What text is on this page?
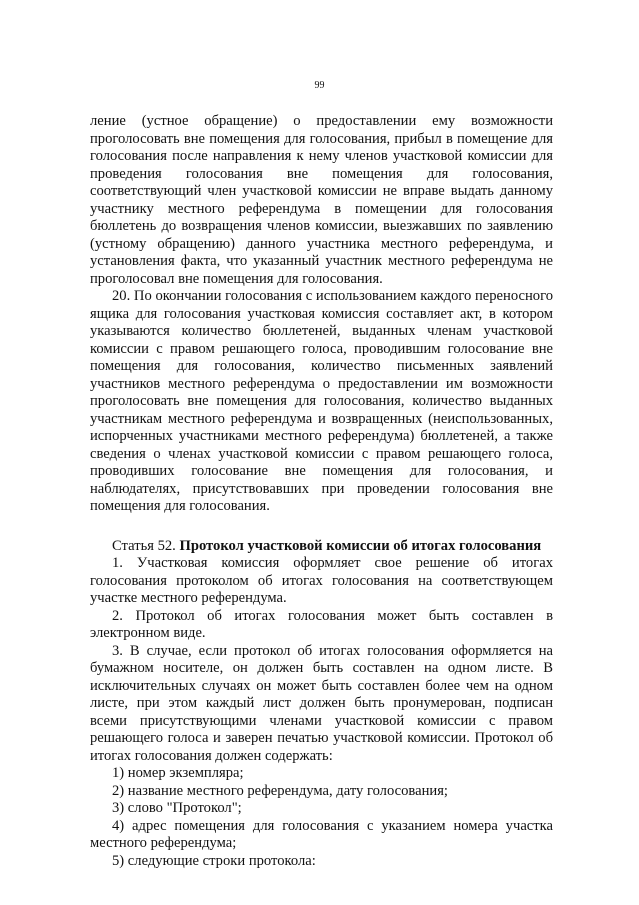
99

ление (устное обращение) о предоставлении ему возможности проголосовать вне помещения для голосования, прибыл в помещение для голосования после направления к нему членов участковой комиссии для проведения голосования вне помещения для голосования, соответствующий член участковой комиссии не вправе выдать данному участнику местного референдума в помещении для голосования бюллетень до возвращения членов комиссии, выезжавших по заявлению (устному обращению) данного участника местного референдума, и установления факта, что указанный участник местного референдума не проголосовал вне помещения для голосования.

20. По окончании голосования с использованием каждого переносного ящика для голосования участковая комиссия составляет акт, в котором указываются количество бюллетеней, выданных членам участковой комиссии с правом решающего голоса, проводившим голосование вне помещения для голосования, количество письменных заявлений участников местного референдума о предоставлении им возможности проголосовать вне помещения для голосования, количество выданных участникам местного референдума и возвращенных (неиспользованных, испорченных участниками местного референдума) бюллетеней, а также сведения о членах участковой комиссии с правом решающего голоса, проводивших голосование вне помещения для голосования, и наблюдателях, присутствовавших при проведении голосования вне помещения для голосования.

Статья 52. Протокол участковой комиссии об итогах голосования

1. Участковая комиссия оформляет свое решение об итогах голосования протоколом об итогах голосования на соответствующем участке местного референдума.

2. Протокол об итогах голосования может быть составлен в электронном виде.

3. В случае, если протокол об итогах голосования оформляется на бумажном носителе, он должен быть составлен на одном листе. В исключительных случаях он может быть составлен более чем на одном листе, при этом каждый лист должен быть пронумерован, подписан всеми присутствующими членами участковой комиссии с правом решающего голоса и заверен печатью участковой комиссии. Протокол об итогах голосования должен содержать:

1) номер экземпляра;

2) название местного референдума, дату голосования;

3) слово "Протокол";

4) адрес помещения для голосования с указанием номера участка местного референдума;

5) следующие строки протокола:
